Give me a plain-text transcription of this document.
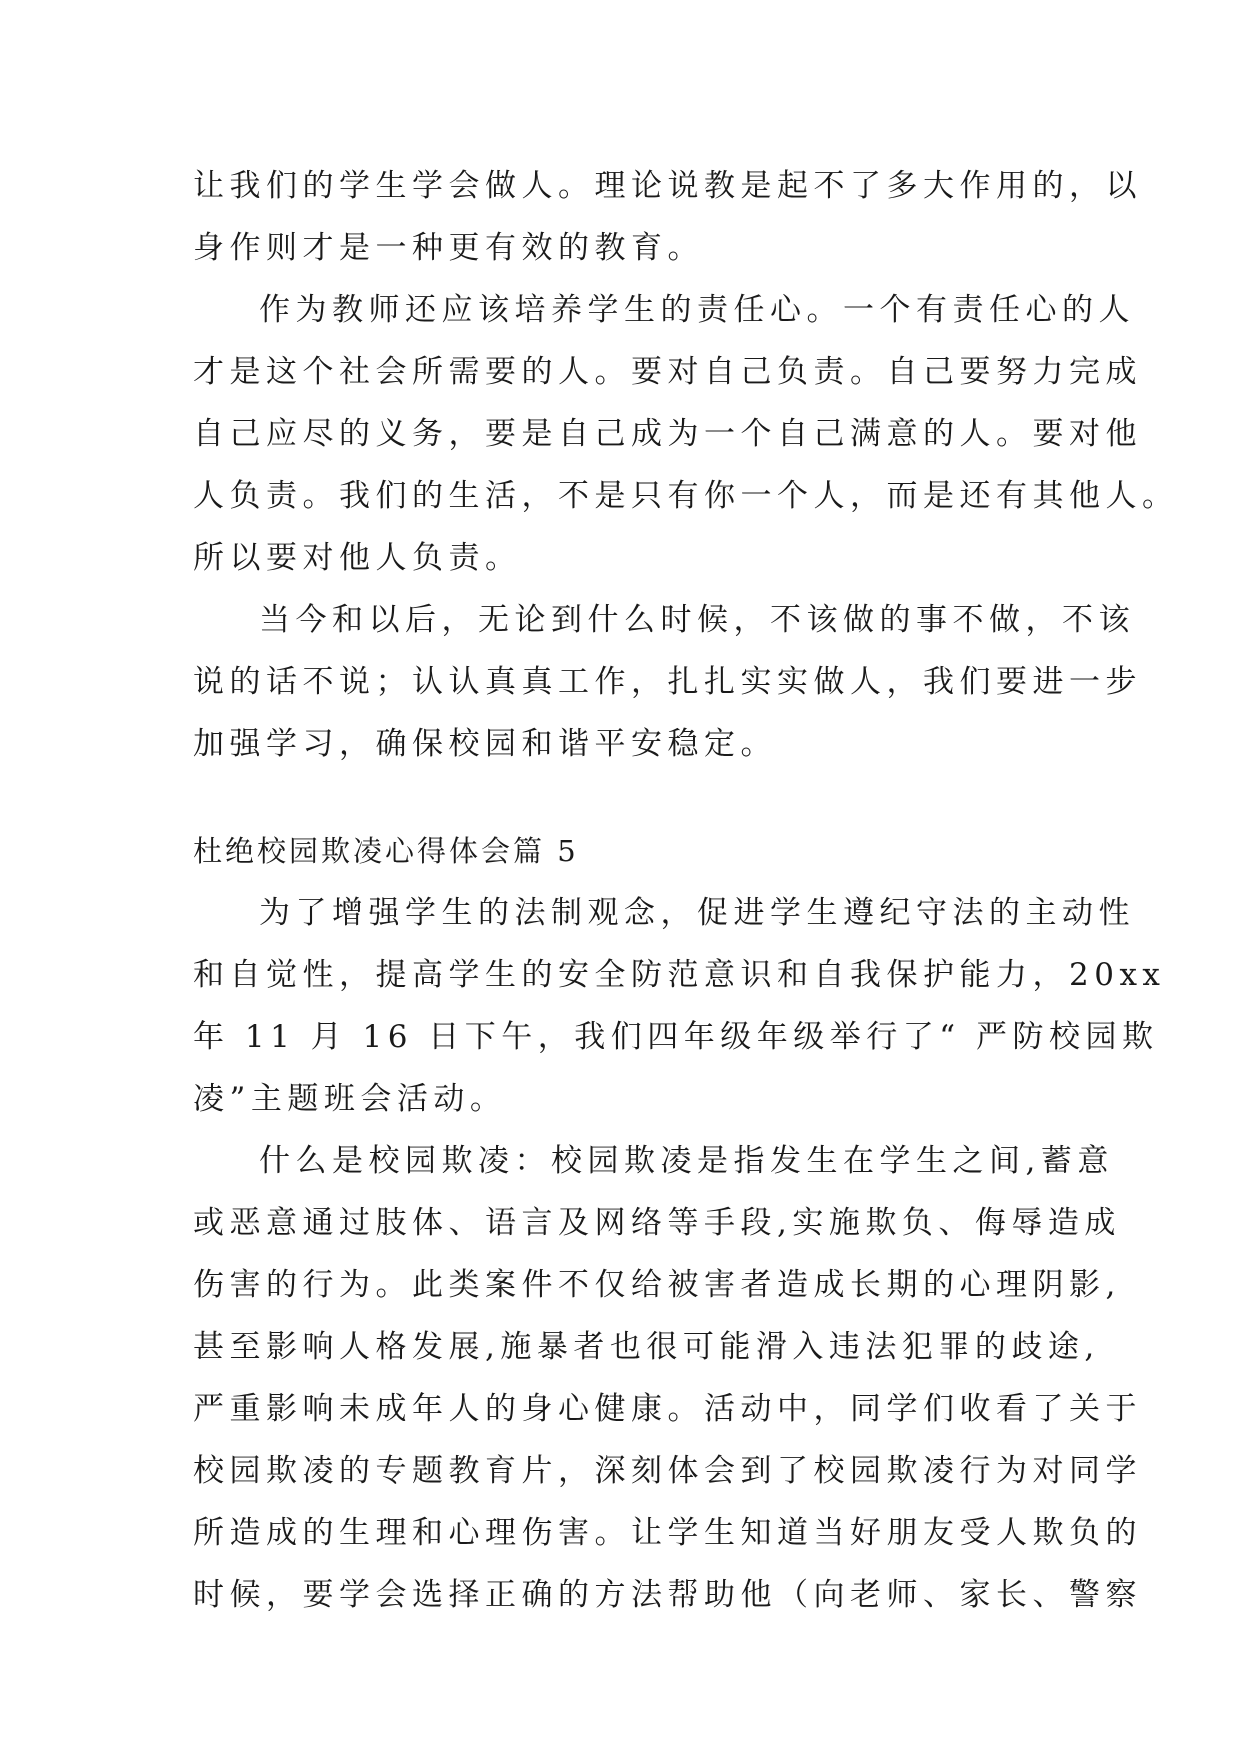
让我们的学生学会做人。理论说教是起不了多大作用的，以
身作则才是一种更有效的教育。
作为教师还应该培养学生的责任心。一个有责任心的人
才是这个社会所需要的人。要对自己负责。自己要努力完成
自己应尽的义务，要是自己成为一个自己满意的人。要对他
人负责。我们的生活，不是只有你一个人，而是还有其他人。
所以要对他人负责。
当今和以后，无论到什么时候，不该做的事不做，不该
说的话不说；认认真真工作，扎扎实实做人，我们要进一步
加强学习，确保校园和谐平安稳定。
杜绝校园欺凌心得体会篇 5
为了增强学生的法制观念，促进学生遵纪守法的主动性
和自觉性，提高学生的安全防范意识和自我保护能力，20xx
年 11 月 16 日下午，我们四年级年级举行了“ 严防校园欺
凌”主题班会活动。
什么是校园欺凌：校园欺凌是指发生在学生之间,蓄意
或恶意通过肢体、语言及网络等手段,实施欺负、侮辱造成
伤害的行为。此类案件不仅给被害者造成长期的心理阴影,
甚至影响人格发展,施暴者也很可能滑入违法犯罪的歧途,
严重影响未成年人的身心健康。活动中，同学们收看了关于
校园欺凌的专题教育片，深刻体会到了校园欺凌行为对同学
所造成的生理和心理伤害。让学生知道当好朋友受人欺负的
时候，要学会选择正确的方法帮助他（向老师、家长、警察
